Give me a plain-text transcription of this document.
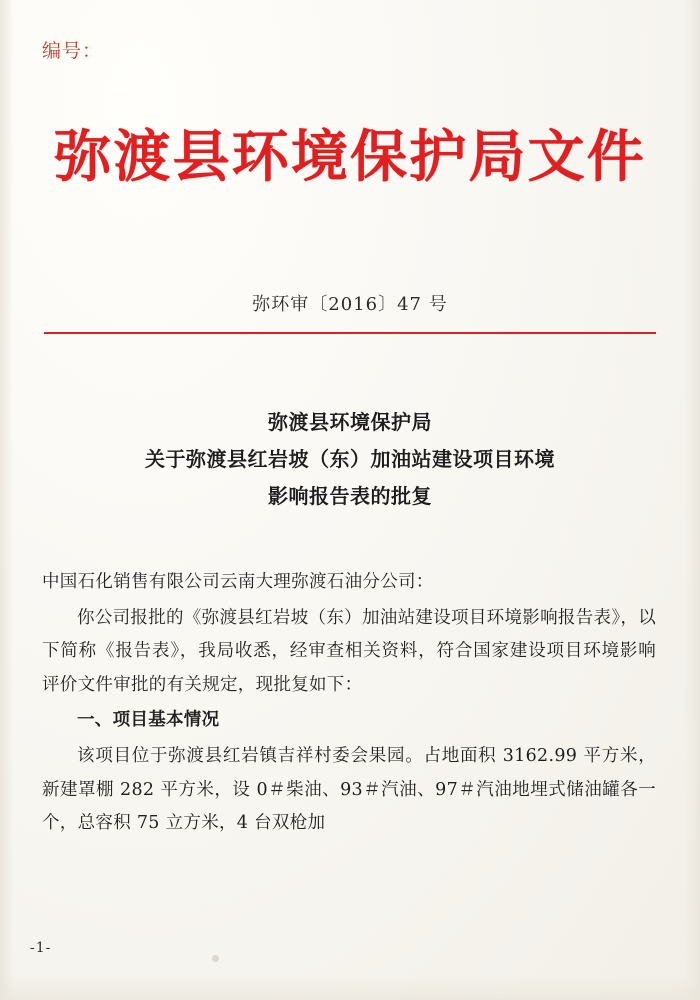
编号：
弥渡县环境保护局文件
弥环审〔2016〕47 号
弥渡县环境保护局
关于弥渡县红岩坡（东）加油站建设项目环境
影响报告表的批复

中国石化销售有限公司云南大理弥渡石油分公司：

你公司报批的《弥渡县红岩坡（东）加油站建设项目环境影响报告表》，以下简称《报告表》，我局收悉，经审查相关资料，符合国家建设项目环境影响评价文件审批的有关规定，现批复如下：

一、项目基本情况

该项目位于弥渡县红岩镇吉祥村委会果园。占地面积 3162.99 平方米，新建罩棚 282 平方米，设 0＃柴油、93＃汽油、97＃汽油地埋式储油罐各一个，总容积 75 立方米，4 台双枪加

-1-
